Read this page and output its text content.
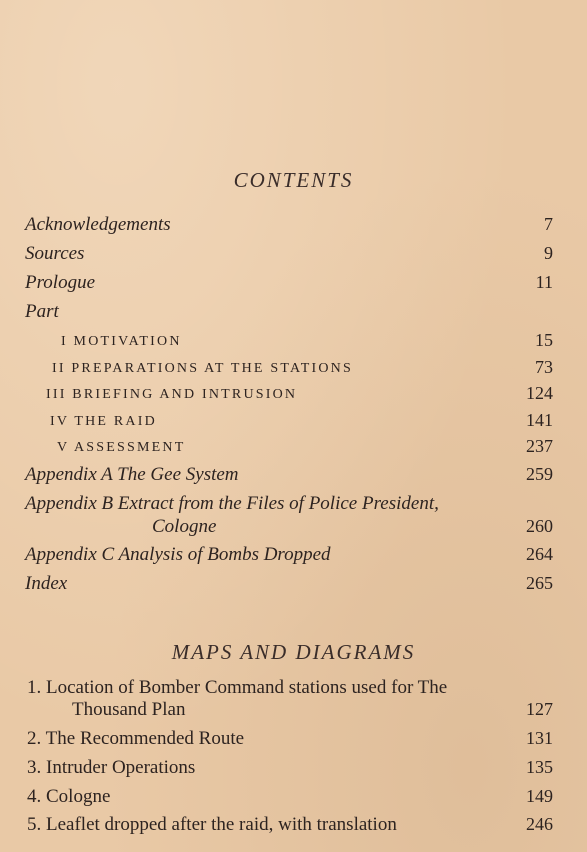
CONTENTS
Acknowledgements	7
Sources	9
Prologue	11
Part
I MOTIVATION	15
II PREPARATIONS AT THE STATIONS	73
III BRIEFING AND INTRUSION	124
IV THE RAID	141
V ASSESSMENT	237
Appendix A The Gee System	259
Appendix B Extract from the Files of Police President,
Cologne	260
Appendix C Analysis of Bombs Dropped	264
Index	265
MAPS AND DIAGRAMS
1. Location of Bomber Command stations used for The
Thousand Plan	127
2. The Recommended Route	131
3. Intruder Operations	135
4. Cologne	149
5. Leaflet dropped after the raid, with translation	246
